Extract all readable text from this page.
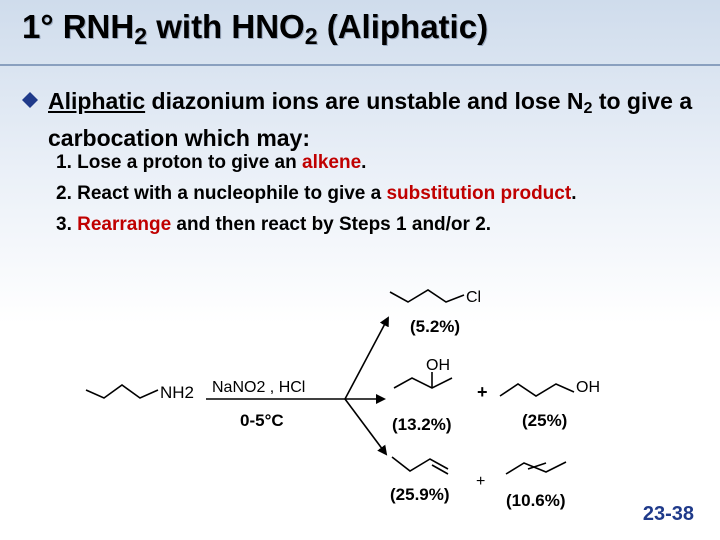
1° $RNH_2$ with $HNO_2$ (Aliphatic)
Aliphatic diazonium ions are unstable and lose $N_2$ to give a carbocation which may:
1. Lose a proton to give an alkene.
2. React with a nucleophile to give a substitution product.
3. Rearrange and then react by Steps 1 and/or 2.
NH2 NaNO2 , HCl
0-5°C
Cl
(5.2%)
OH
(13.2%)
+	OH
(25%)
(25.9%)
+
(10.6%)
23-38
